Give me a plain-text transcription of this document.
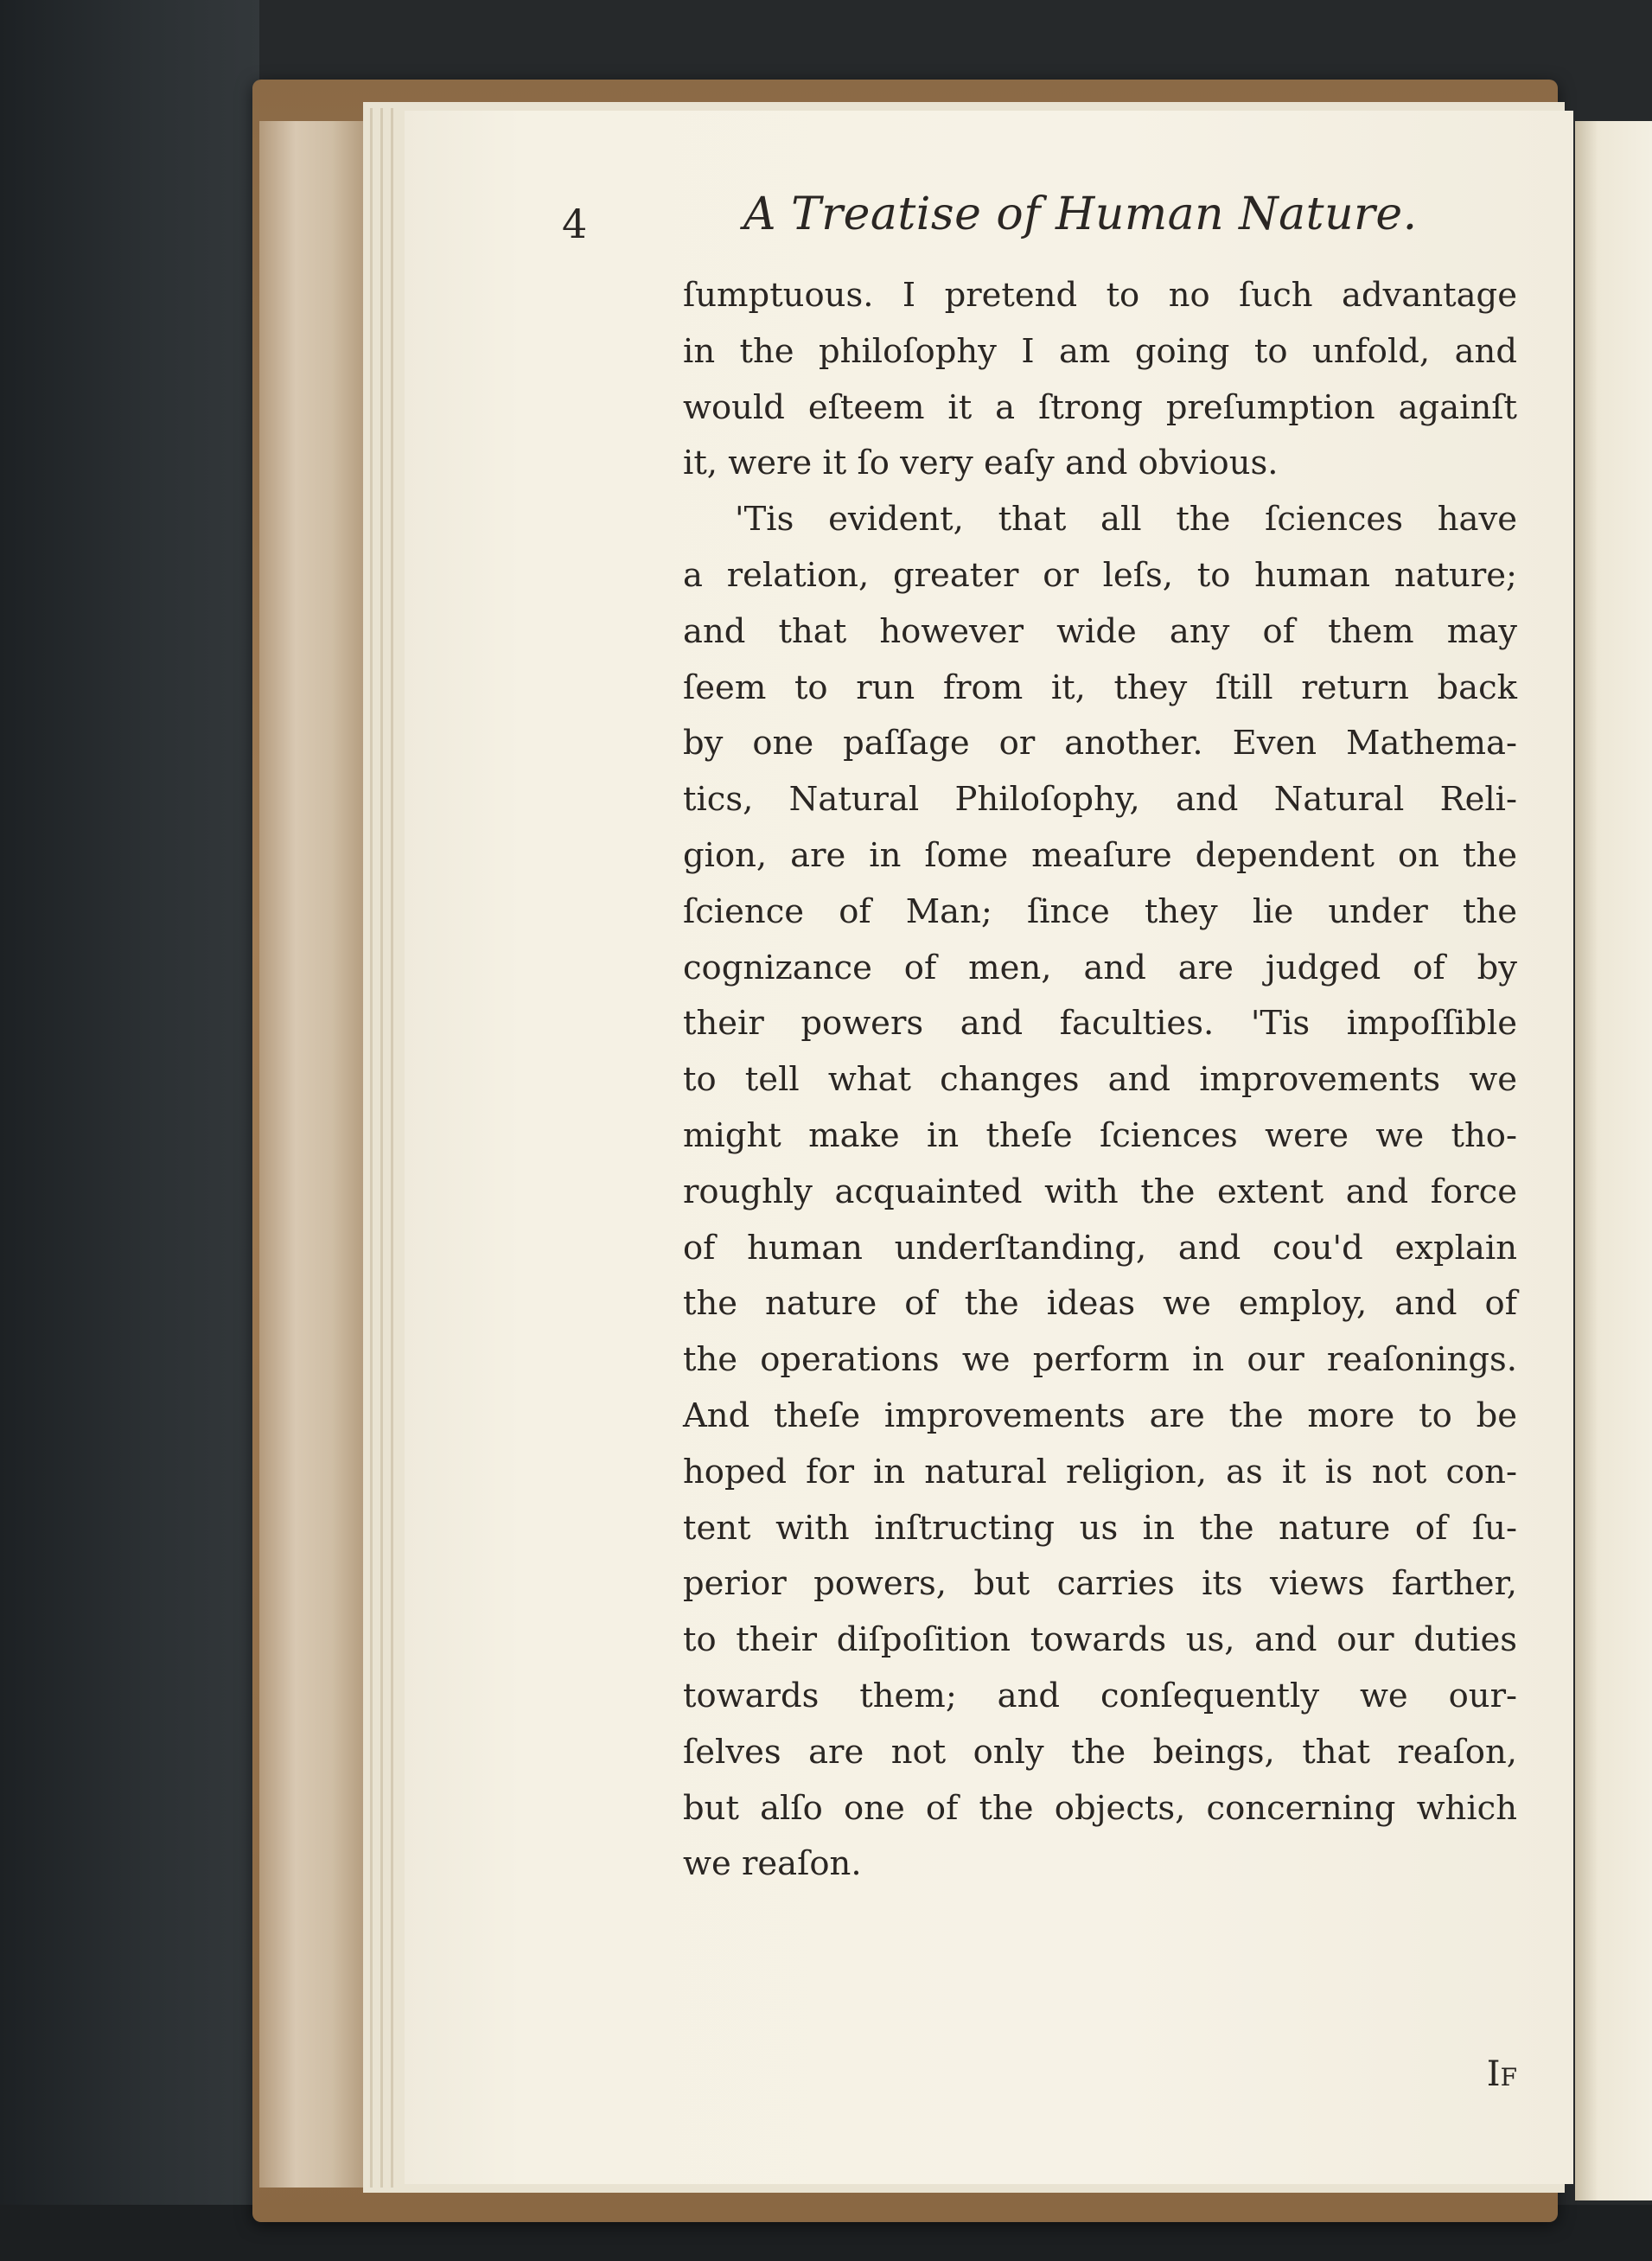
4	A Treatise of Human Nature.
ſumptuous. I pretend to no ſuch advantage
in the philoſophy I am going to unfold, and
would eſteem it a ſtrong preſumption againſt
it, were it ſo very eaſy and obvious.
'Tis evident, that all the ſciences have
a relation, greater or leſs, to human nature;
and that however wide any of them may
ſeem to run from it, they ſtill return back
by one paſſage or another. Even Mathema-
tics, Natural Philoſophy, and Natural Reli-
gion, are in ſome meaſure dependent on the
ſcience of Man; ſince they lie under the
cognizance of men, and are judged of by
their powers and faculties. 'Tis impoſſible
to tell what changes and improvements we
might make in theſe ſciences were we tho-
roughly acquainted with the extent and force
of human underſtanding, and cou'd explain
the nature of the ideas we employ, and of
the operations we perform in our reaſonings.
And theſe improvements are the more to be
hoped for in natural religion, as it is not con-
tent with inſtructing us in the nature of ſu-
perior powers, but carries its views farther,
to their diſpoſition towards us, and our duties
towards them; and conſequently we our-
ſelves are not only the beings, that reaſon,
but alſo one of the objects, concerning which
we reaſon.
If
